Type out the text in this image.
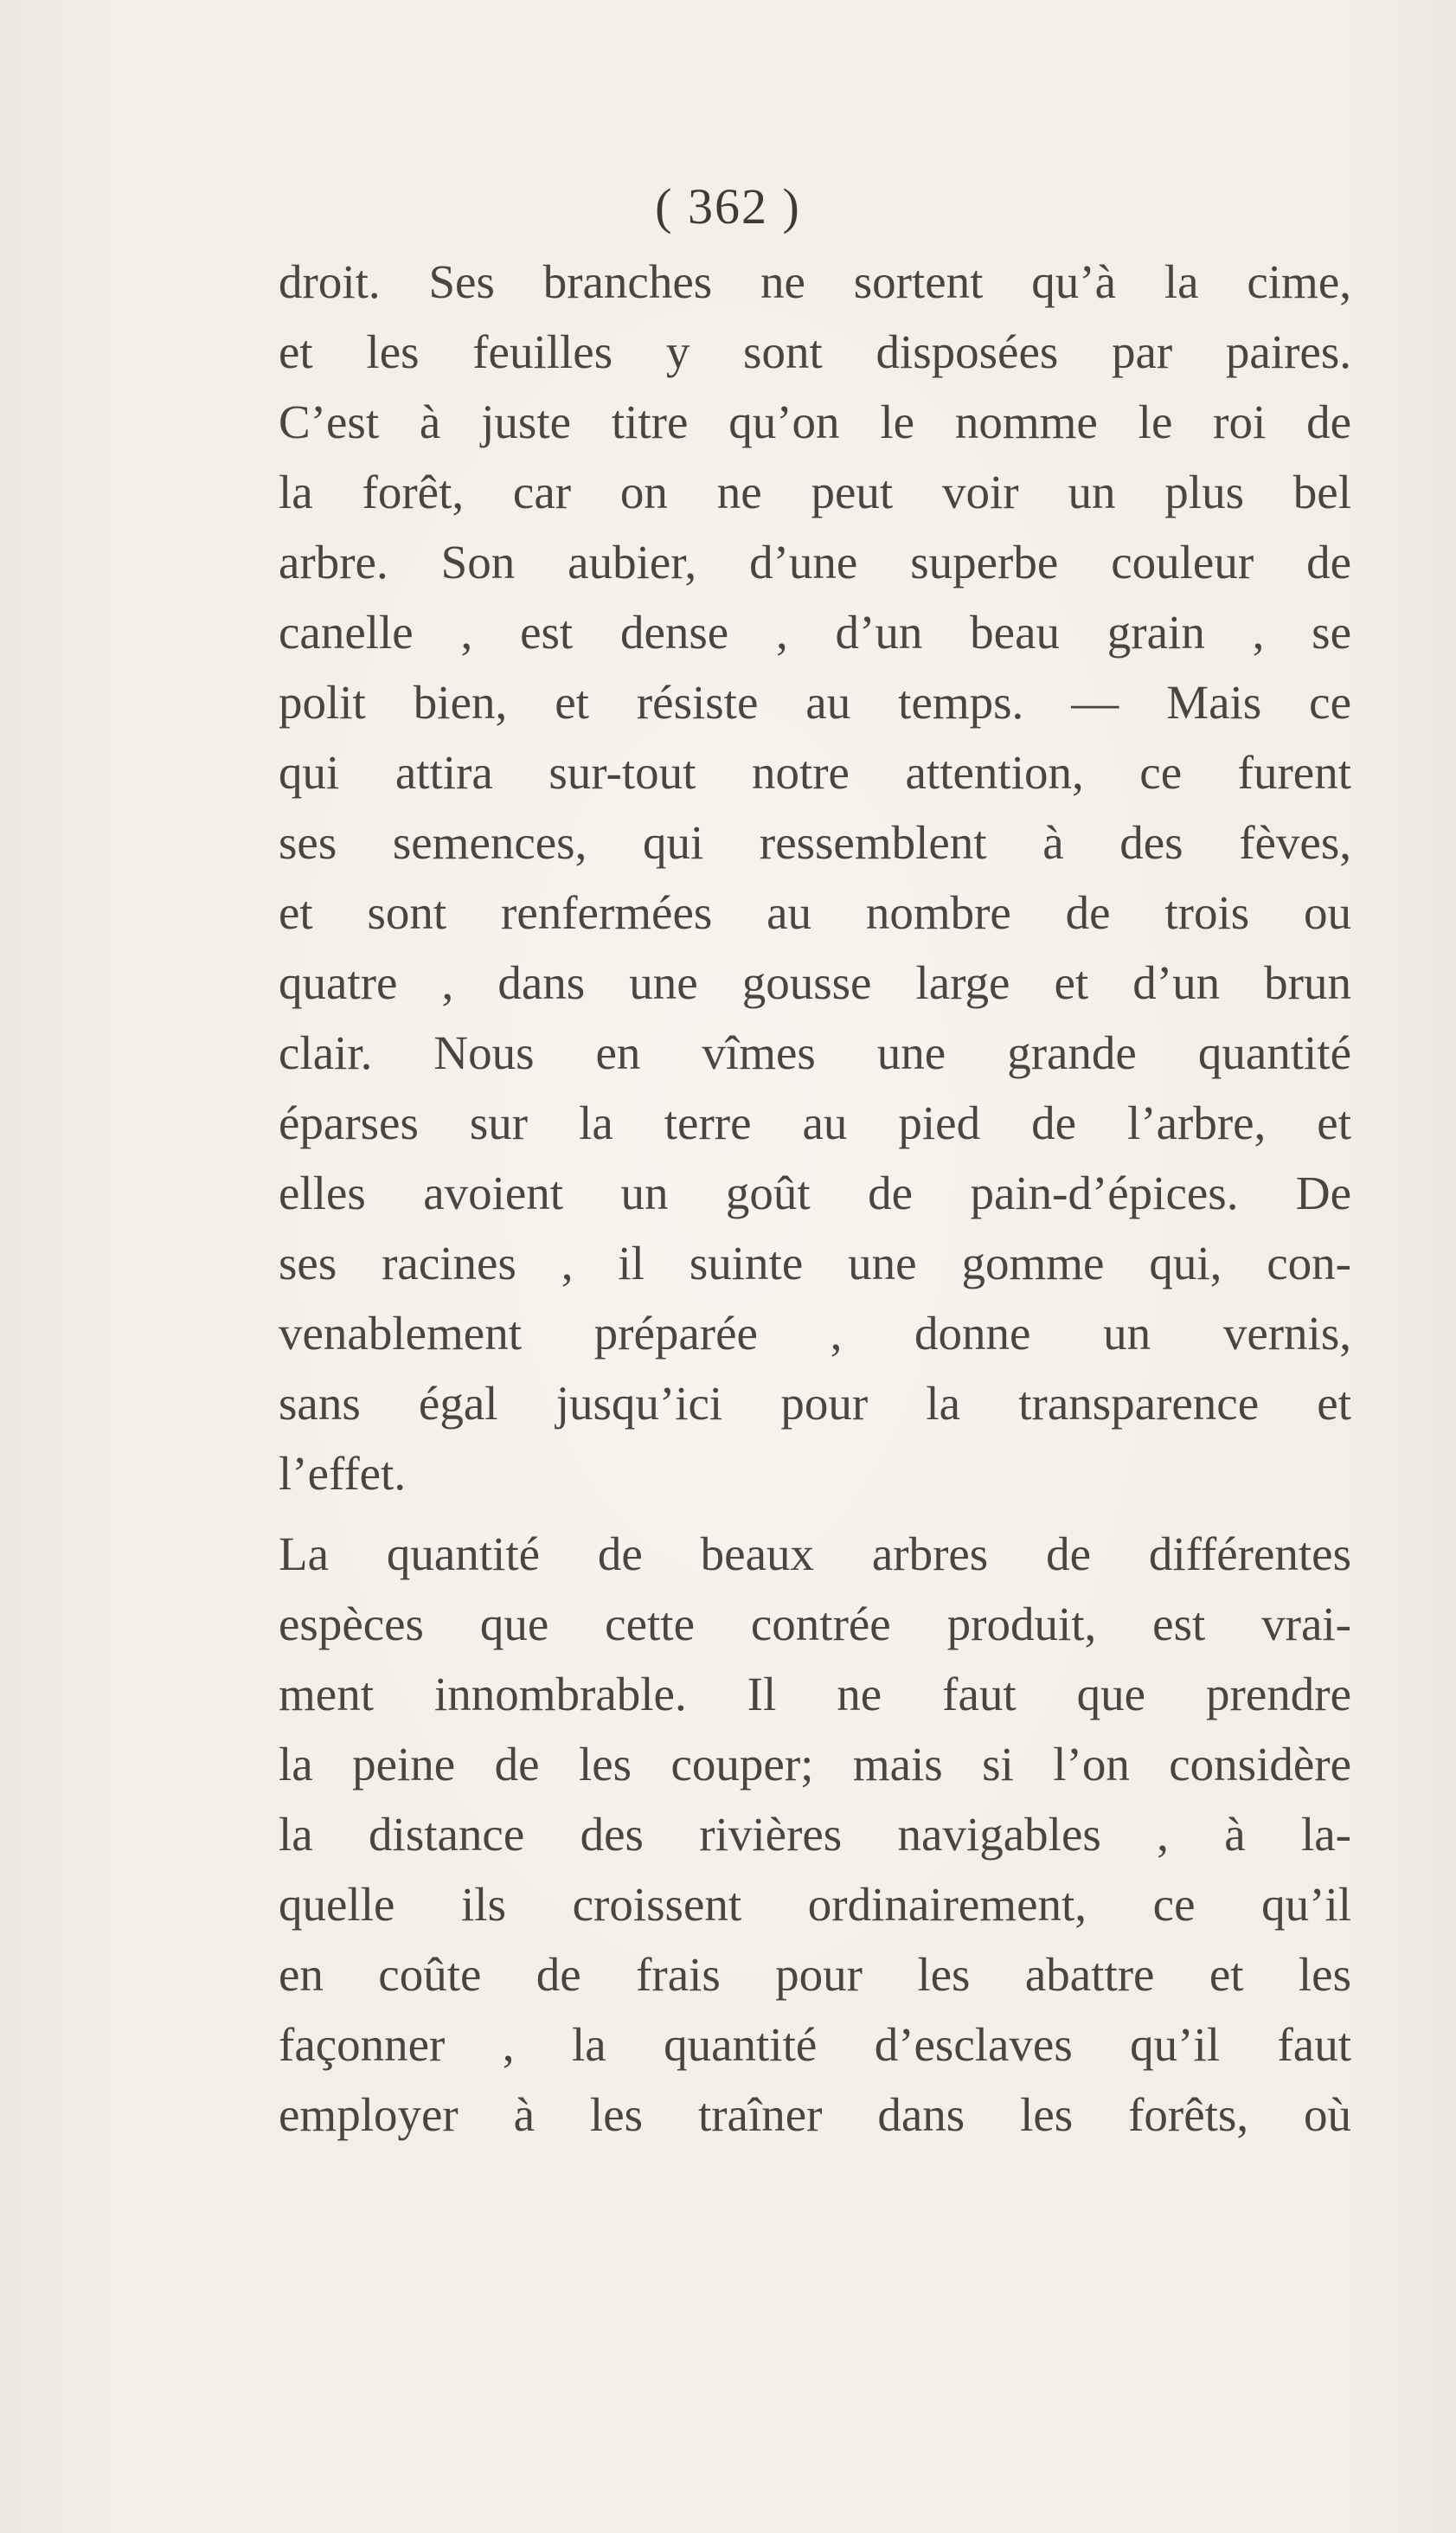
( 362 )
droit. Ses branches ne sortent qu’à la cime,
et les feuilles y sont disposées par paires.
C’est à juste titre qu’on le nomme le roi de
la forêt, car on ne peut voir un plus bel
arbre. Son aubier, d’une superbe couleur de
canelle , est dense , d’un beau grain , se
polit bien, et résiste au temps. — Mais ce
qui attira sur-tout notre attention, ce furent
ses semences, qui ressemblent à des fèves,
et sont renfermées au nombre de trois ou
quatre , dans une gousse large et d’un brun
clair. Nous en vîmes une grande quantité
éparses sur la terre au pied de l’arbre, et
elles avoient un goût de pain-d’épices. De
ses racines , il suinte une gomme qui, con-
venablement préparée , donne un vernis,
sans égal jusqu’ici pour la transparence et
l’effet.
La quantité de beaux arbres de différentes
espèces que cette contrée produit, est vrai-
ment innombrable. Il ne faut que prendre
la peine de les couper; mais si l’on considère
la distance des rivières navigables , à la-
quelle ils croissent ordinairement, ce qu’il
en coûte de frais pour les abattre et les
façonner , la quantité d’esclaves qu’il faut
employer à les traîner dans les forêts, où
